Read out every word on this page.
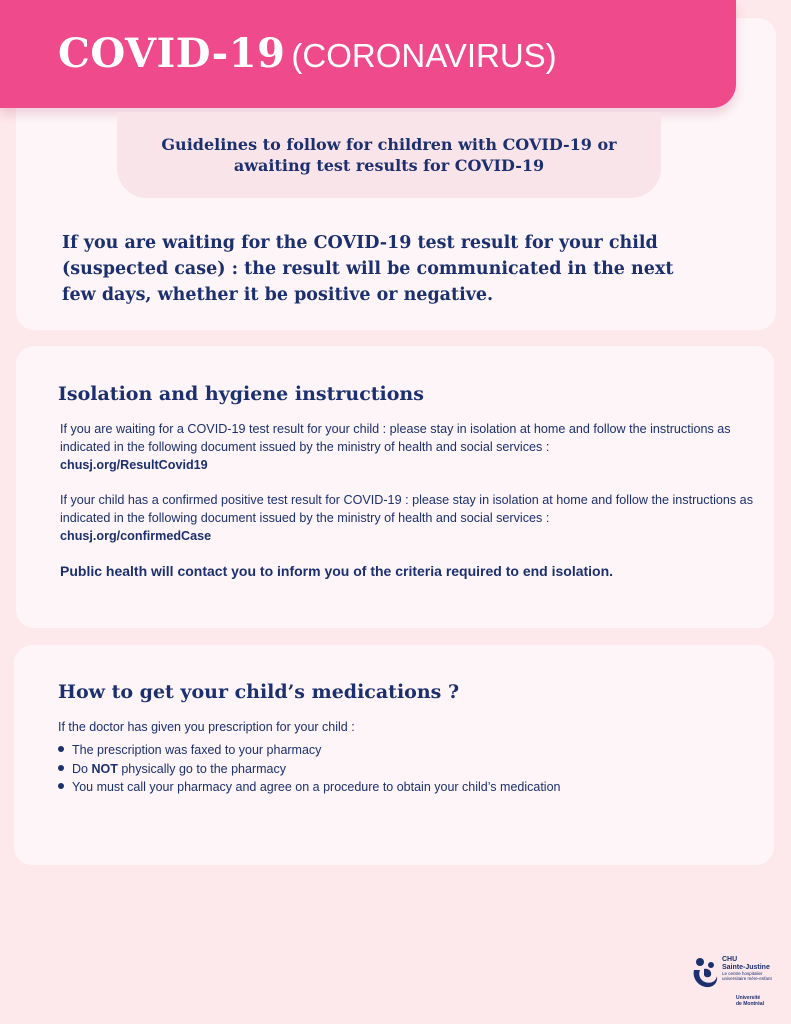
COVID-19 (CORONAVIRUS)
Guidelines to follow for children with COVID-19 or
awaiting test results for COVID-19
If you are waiting for the COVID-19 test result for your child (suspected case) : the result will be communicated in the next few days, whether it be positive or negative.
Isolation and hygiene instructions
If you are waiting for a COVID-19 test result for your child : please stay in isolation at home and follow the instructions as indicated in the following document issued by the ministry of health and social services :
chusj.org/ResultCovid19
If your child has a confirmed positive test result for COVID-19 : please stay in isolation at home and follow the instructions as indicated in the following document issued by the ministry of health and social services :
chusj.org/confirmedCase
Public health will contact you to inform you of the criteria required to end isolation.
How to get your child’s medications ?
If the doctor has given you prescription for your child :
The prescription was faxed to your pharmacy
Do NOT physically go to the pharmacy
You must call your pharmacy and agree on a procedure to obtain your child’s medication
CHU
Sainte-Justine
Le centre hospitalier
universitaire mère-enfant
Université
de Montréal
